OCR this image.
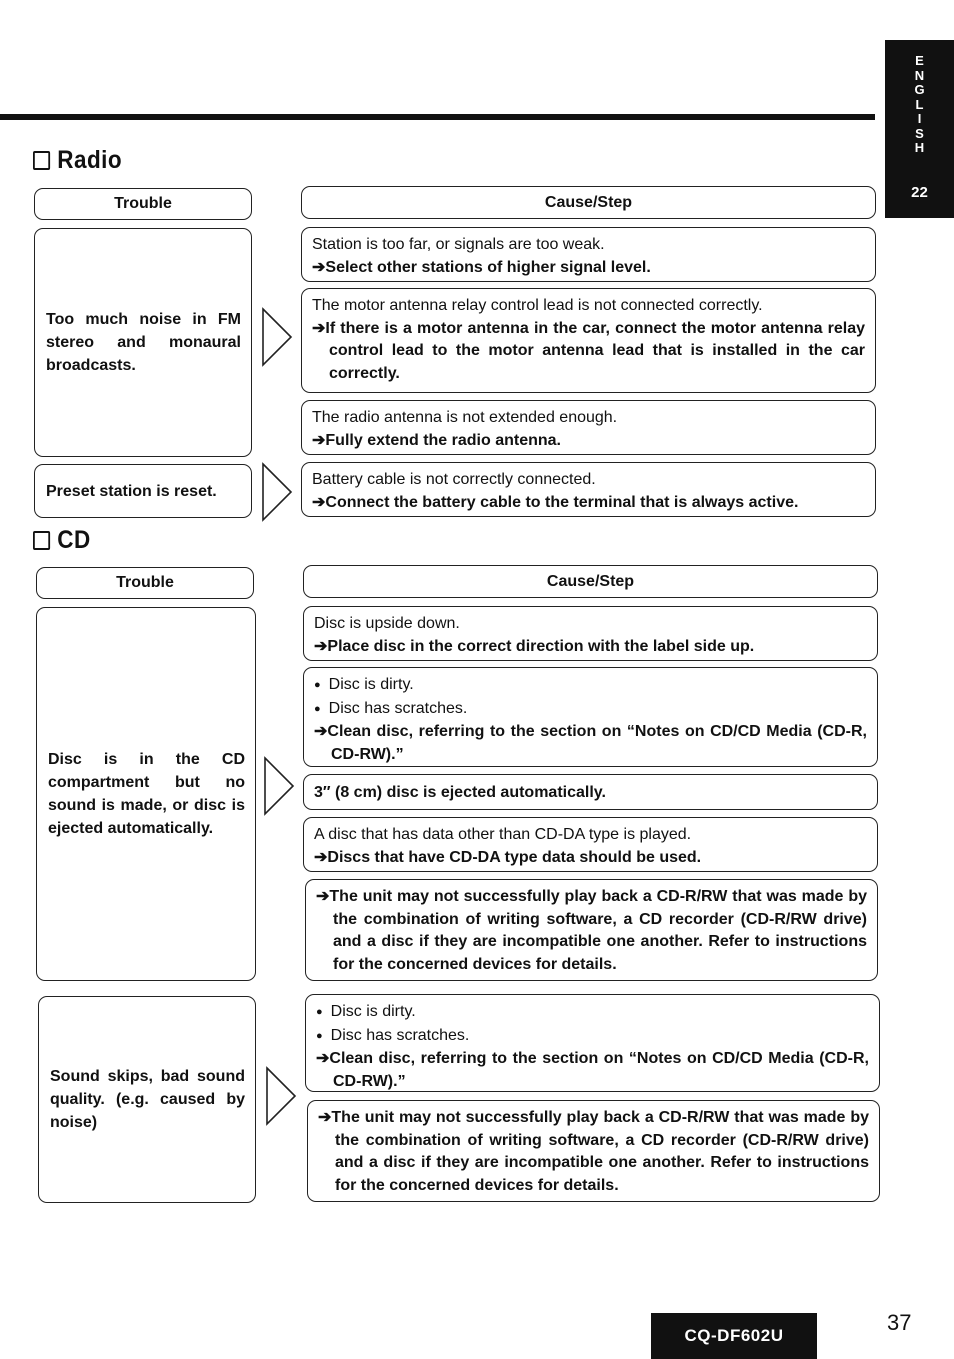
E
N
G
L
I
S
H
22
Radio
Trouble	Cause/Step
Too much noise in FM stereo and monaural broadcasts.
Station is too far, or signals are too weak.
➔Select other stations of higher signal level.
The motor antenna relay control lead is not connected correctly.
➔If there is a motor antenna in the car, connect the motor antenna relay control lead to the motor antenna lead that is installed in the car correctly.
The radio antenna is not extended enough.
➔Fully extend the radio antenna.
Preset station is reset.
Battery cable is not correctly connected.
➔Connect the battery cable to the terminal that is always active.
CD
Trouble	Cause/Step
Disc is in the CD compartment but no sound is made, or disc is ejected automatically.
Disc is upside down.
➔Place disc in the correct direction with the label side up.
● Disc is dirty.
● Disc has scratches.
➔Clean disc, referring to the section on “Notes on CD/CD Media (CD-R, CD-RW).”
3″ (8 cm) disc is ejected automatically.
A disc that has data other than CD-DA type is played.
➔Discs that have CD-DA type data should be used.
➔The unit may not successfully play back a CD-R/RW that was made by the combination of writing software, a CD recorder (CD-R/RW drive) and a disc if they are incompatible one another. Refer to instructions for the concerned devices for details.
Sound skips, bad sound quality. (e.g. caused by noise)
● Disc is dirty.
● Disc has scratches.
➔Clean disc, referring to the section on “Notes on CD/CD Media (CD-R, CD-RW).”
➔The unit may not successfully play back a CD-R/RW that was made by the combination of writing software, a CD recorder (CD-R/RW drive) and a disc if they are incompatible one another. Refer to instructions for the concerned devices for details.
CQ-DF602U
37
